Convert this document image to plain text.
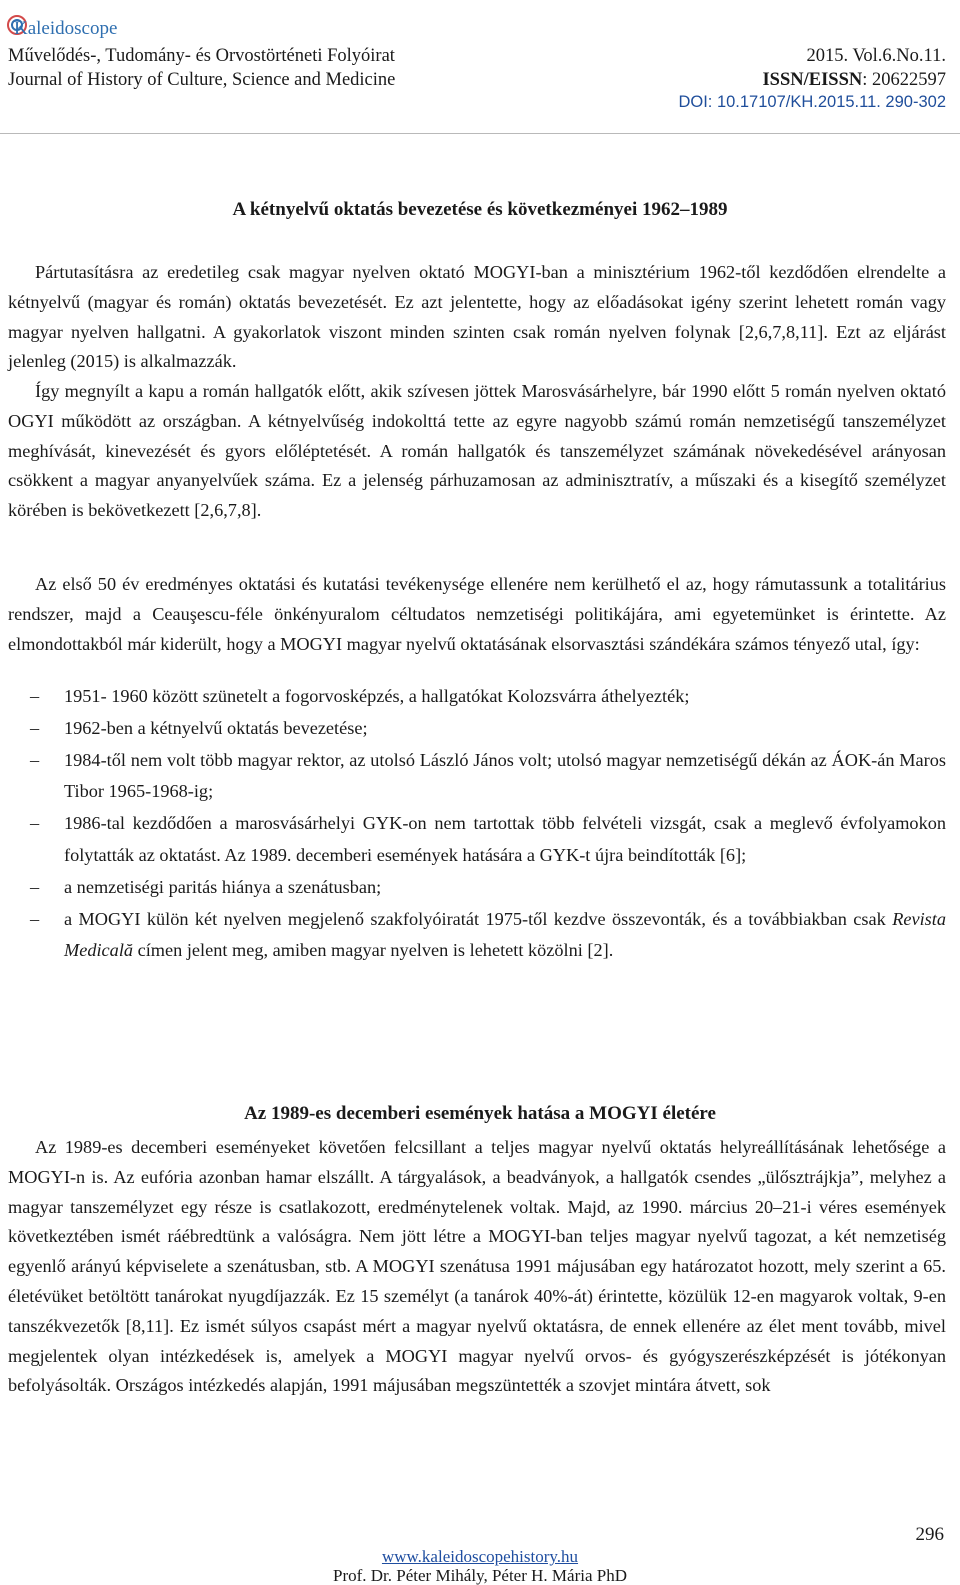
Kaleidoscope
Művelődés-, Tudomány- és Orvostörténeti Folyóirat
Journal of History of Culture, Science and Medicine
2015. Vol.6.No.11.
ISSN/EISSN: 20622597
DOI: 10.17107/KH.2015.11. 290-302
A kétnyelvű oktatás bevezetése és következményei 1962–1989

Pártutasításra az eredetileg csak magyar nyelven oktató MOGYI-ban a minisztérium 1962-től kezdődően elrendelte a kétnyelvű (magyar és román) oktatás bevezetését. Ez azt jelentette, hogy az előadásokat igény szerint lehetett román vagy magyar nyelven hallgatni. A gyakorlatok viszont minden szinten csak román nyelven folynak [2,6,7,8,11]. Ezt az eljárást jelenleg (2015) is alkalmazzák.

Így megnyílt a kapu a román hallgatók előtt, akik szívesen jöttek Marosvásárhelyre, bár 1990 előtt 5 román nyelven oktató OGYI működött az országban. A kétnyelvűség indokolttá tette az egyre nagyobb számú román nemzetiségű tanszemélyzet meghívását, kinevezését és gyors előléptetését. A román hallgatók és tanszemélyzet számának növekedésével arányosan csökkent a magyar anyanyelvűek száma. Ez a jelenség párhuzamosan az adminisztratív, a műszaki és a kisegítő személyzet körében is bekövetkezett [2,6,7,8].

Az első 50 év eredményes oktatási és kutatási tevékenysége ellenére nem kerülhető el az, hogy rámutassunk a totalitárius rendszer, majd a Ceauşescu-féle önkényuralom céltudatos nemzetiségi politikájára, ami egyetemünket is érintette. Az elmondottakból már kiderült, hogy a MOGYI magyar nyelvű oktatásának elsorvasztási szándékára számos tényező utal, így:

– 1951- 1960 között szünetelt a fogorvosképzés, a hallgatókat Kolozsvárra áthelyezték;
– 1962-ben a kétnyelvű oktatás bevezetése;
– 1984-től nem volt több magyar rektor, az utolsó László János volt; utolsó magyar nemzetiségű dékán az ÁOK-án Maros Tibor 1965-1968-ig;
– 1986-tal kezdődően a marosvásárhelyi GYK-on nem tartottak több felvételi vizsgát, csak a meglevő évfolyamokon folytatták az oktatást. Az 1989. decemberi események hatására a GYK-t újra beindították [6];
– a nemzetiségi paritás hiánya a szenátusban;
– a MOGYI külön két nyelven megjelenő szakfolyóiratát 1975-től kezdve összevonták, és a továbbiakban csak Revista Medicală címen jelent meg, amiben magyar nyelven is lehetett közölni [2].
Az 1989-es decemberi események hatása a MOGYI életére

Az 1989-es decemberi eseményeket követően felcsillant a teljes magyar nyelvű oktatás helyreállításának lehetősége a MOGYI-n is. Az eufória azonban hamar elszállt. A tárgyalások, a beadványok, a hallgatók csendes „ülősztrájkja”, melyhez a magyar tanszemélyzet egy része is csatlakozott, eredménytelenek voltak. Majd, az 1990. március 20–21-i véres események következtében ismét ráébredtünk a valóságra. Nem jött létre a MOGYI-ban teljes magyar nyelvű tagozat, a két nemzetiség egyenlő arányú képviselete a szenátusban, stb. A MOGYI szenátusa 1991 májusában egy határozatot hozott, mely szerint a 65. életévüket betöltött tanárokat nyugdíjazzák. Ez 15 személyt (a tanárok 40%-át) érintette, közülük 12-en magyarok voltak, 9-en tanszékvezetők [8,11]. Ez ismét súlyos csapást mért a magyar nyelvű oktatásra, de ennek ellenére az élet ment tovább, mivel megjelentek olyan intézkedések is, amelyek a MOGYI magyar nyelvű orvos- és gyógyszerészképzését is jótékonyan befolyásolták. Országos intézkedés alapján, 1991 májusában megszüntették a szovjet mintára átvett, sok

296
www.kaleidoscopehistory.hu
Prof. Dr. Péter Mihály, Péter H. Mária PhD
